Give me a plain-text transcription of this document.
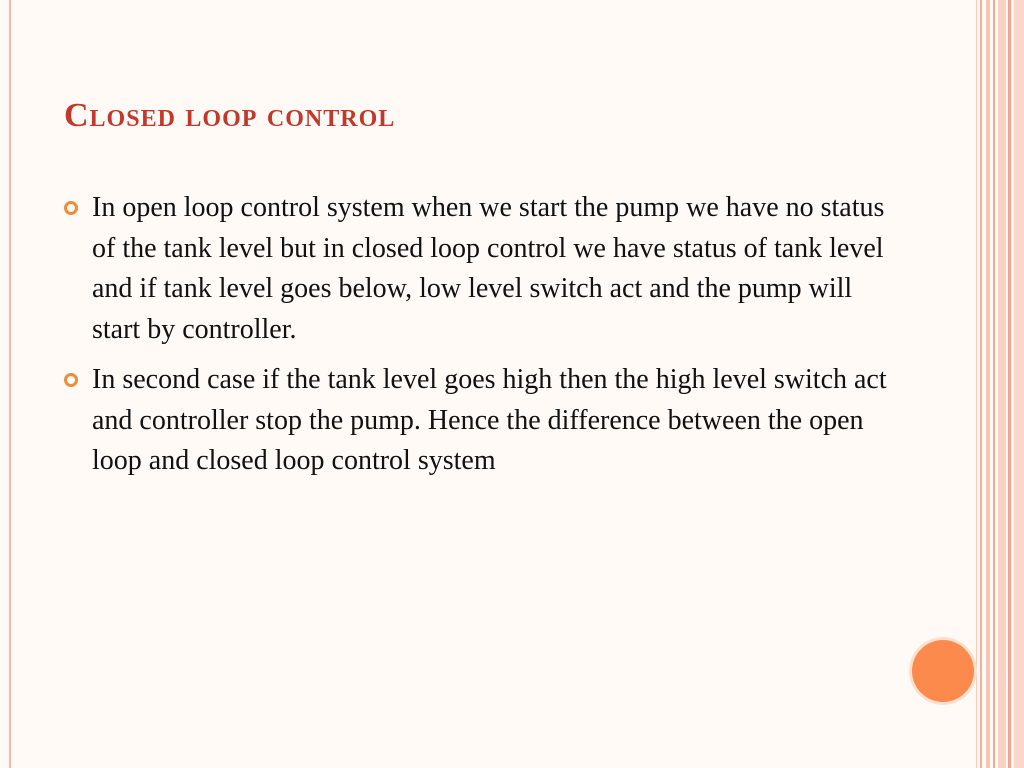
Closed loop control
In open loop control system when we start the pump we have no status of the tank level but in closed loop control we have status of tank level and if tank level goes below, low level switch act and the pump will start by controller.
In second case if the tank level goes high then the high level switch act and controller stop the pump. Hence the difference between the open loop and closed loop control system
